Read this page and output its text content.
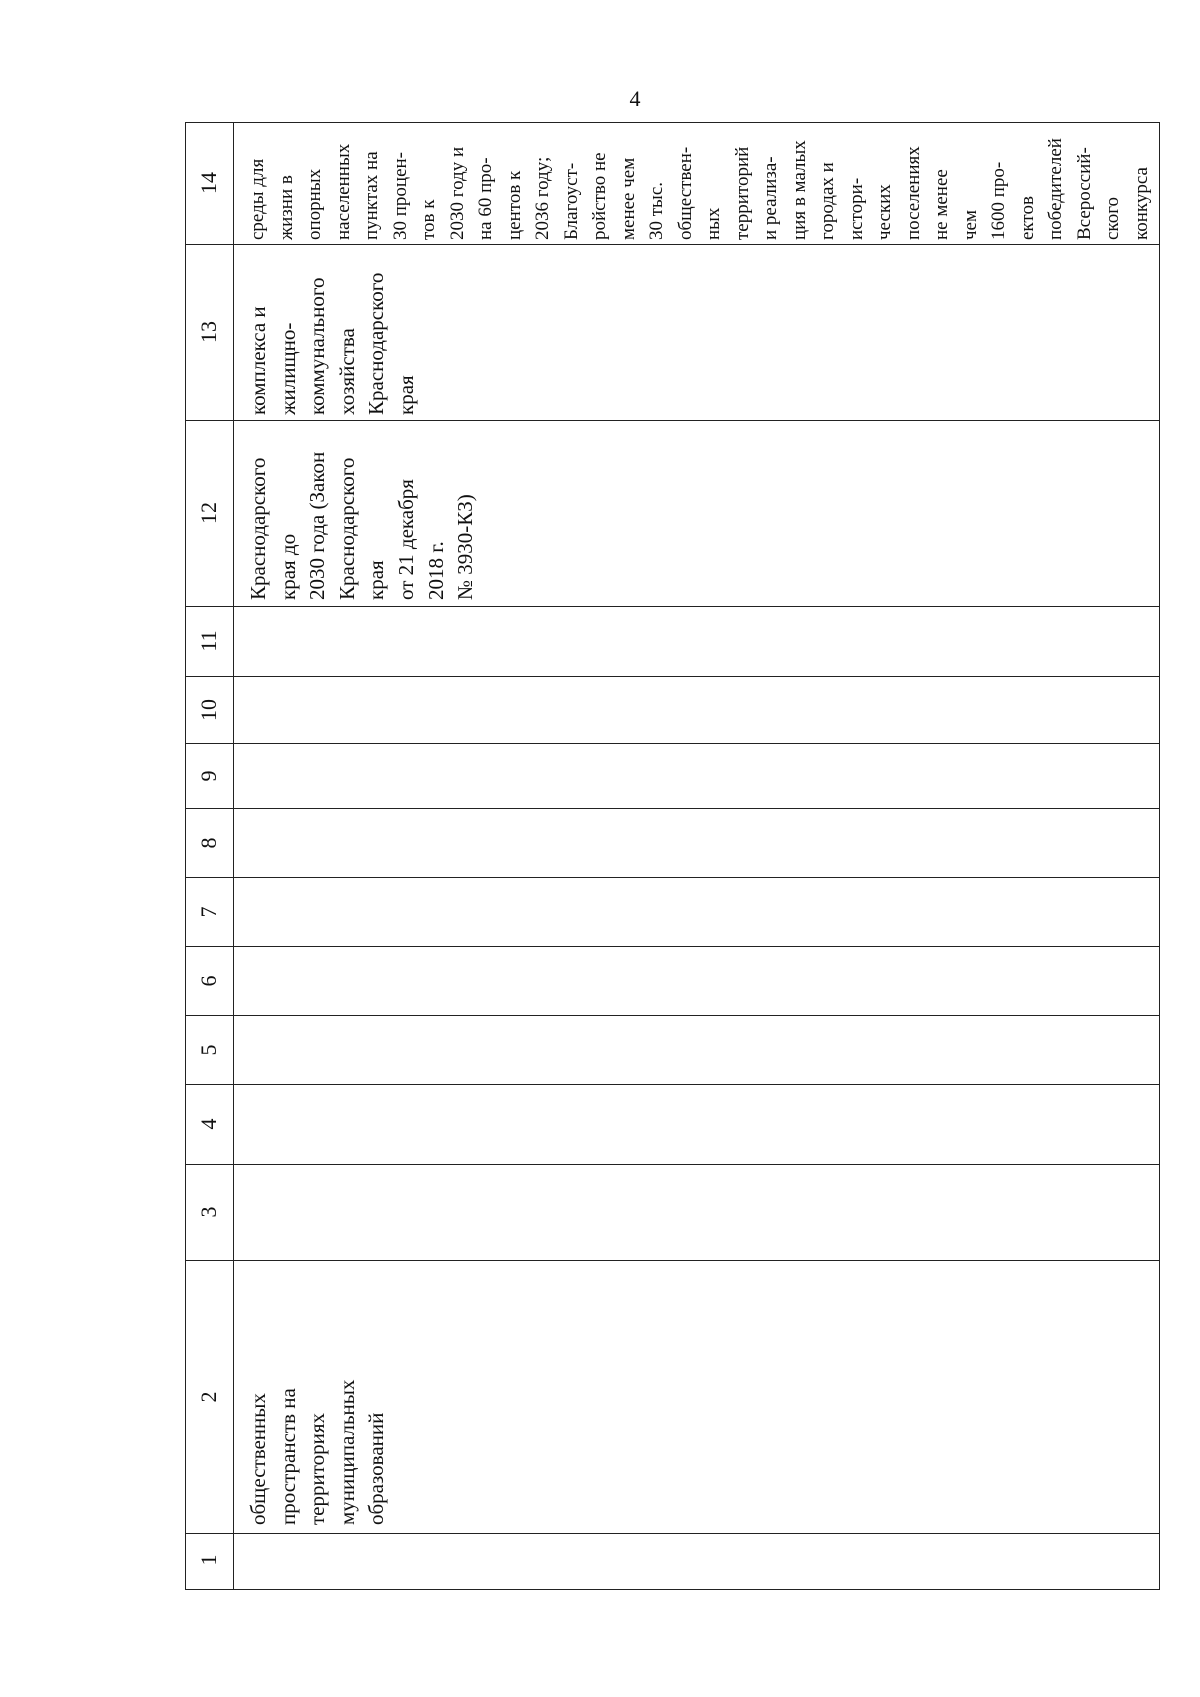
4
1
2
3
4
5
6
7
8
9
10
11
12
13
14
общественных пространств на территориях муниципальных образований
Краснодарского края до 2030 года (Закон Краснодарского края от 21 декабря 2018 г. № 3930-КЗ)
комплекса и жилищно- коммунального хозяйства Краснодарского края
среды для жизни в опорных населенных пунктах на 30 процен- тов к 2030 году и на 60 про- центов к 2036 году; Благоуст- ройство не менее чем 30 тыс. обществен- ных территорий и реализа- ция в малых городах и истори- ческих поселениях не менее чем 1600 про- ектов победителей Всероссий- ского конкурса
